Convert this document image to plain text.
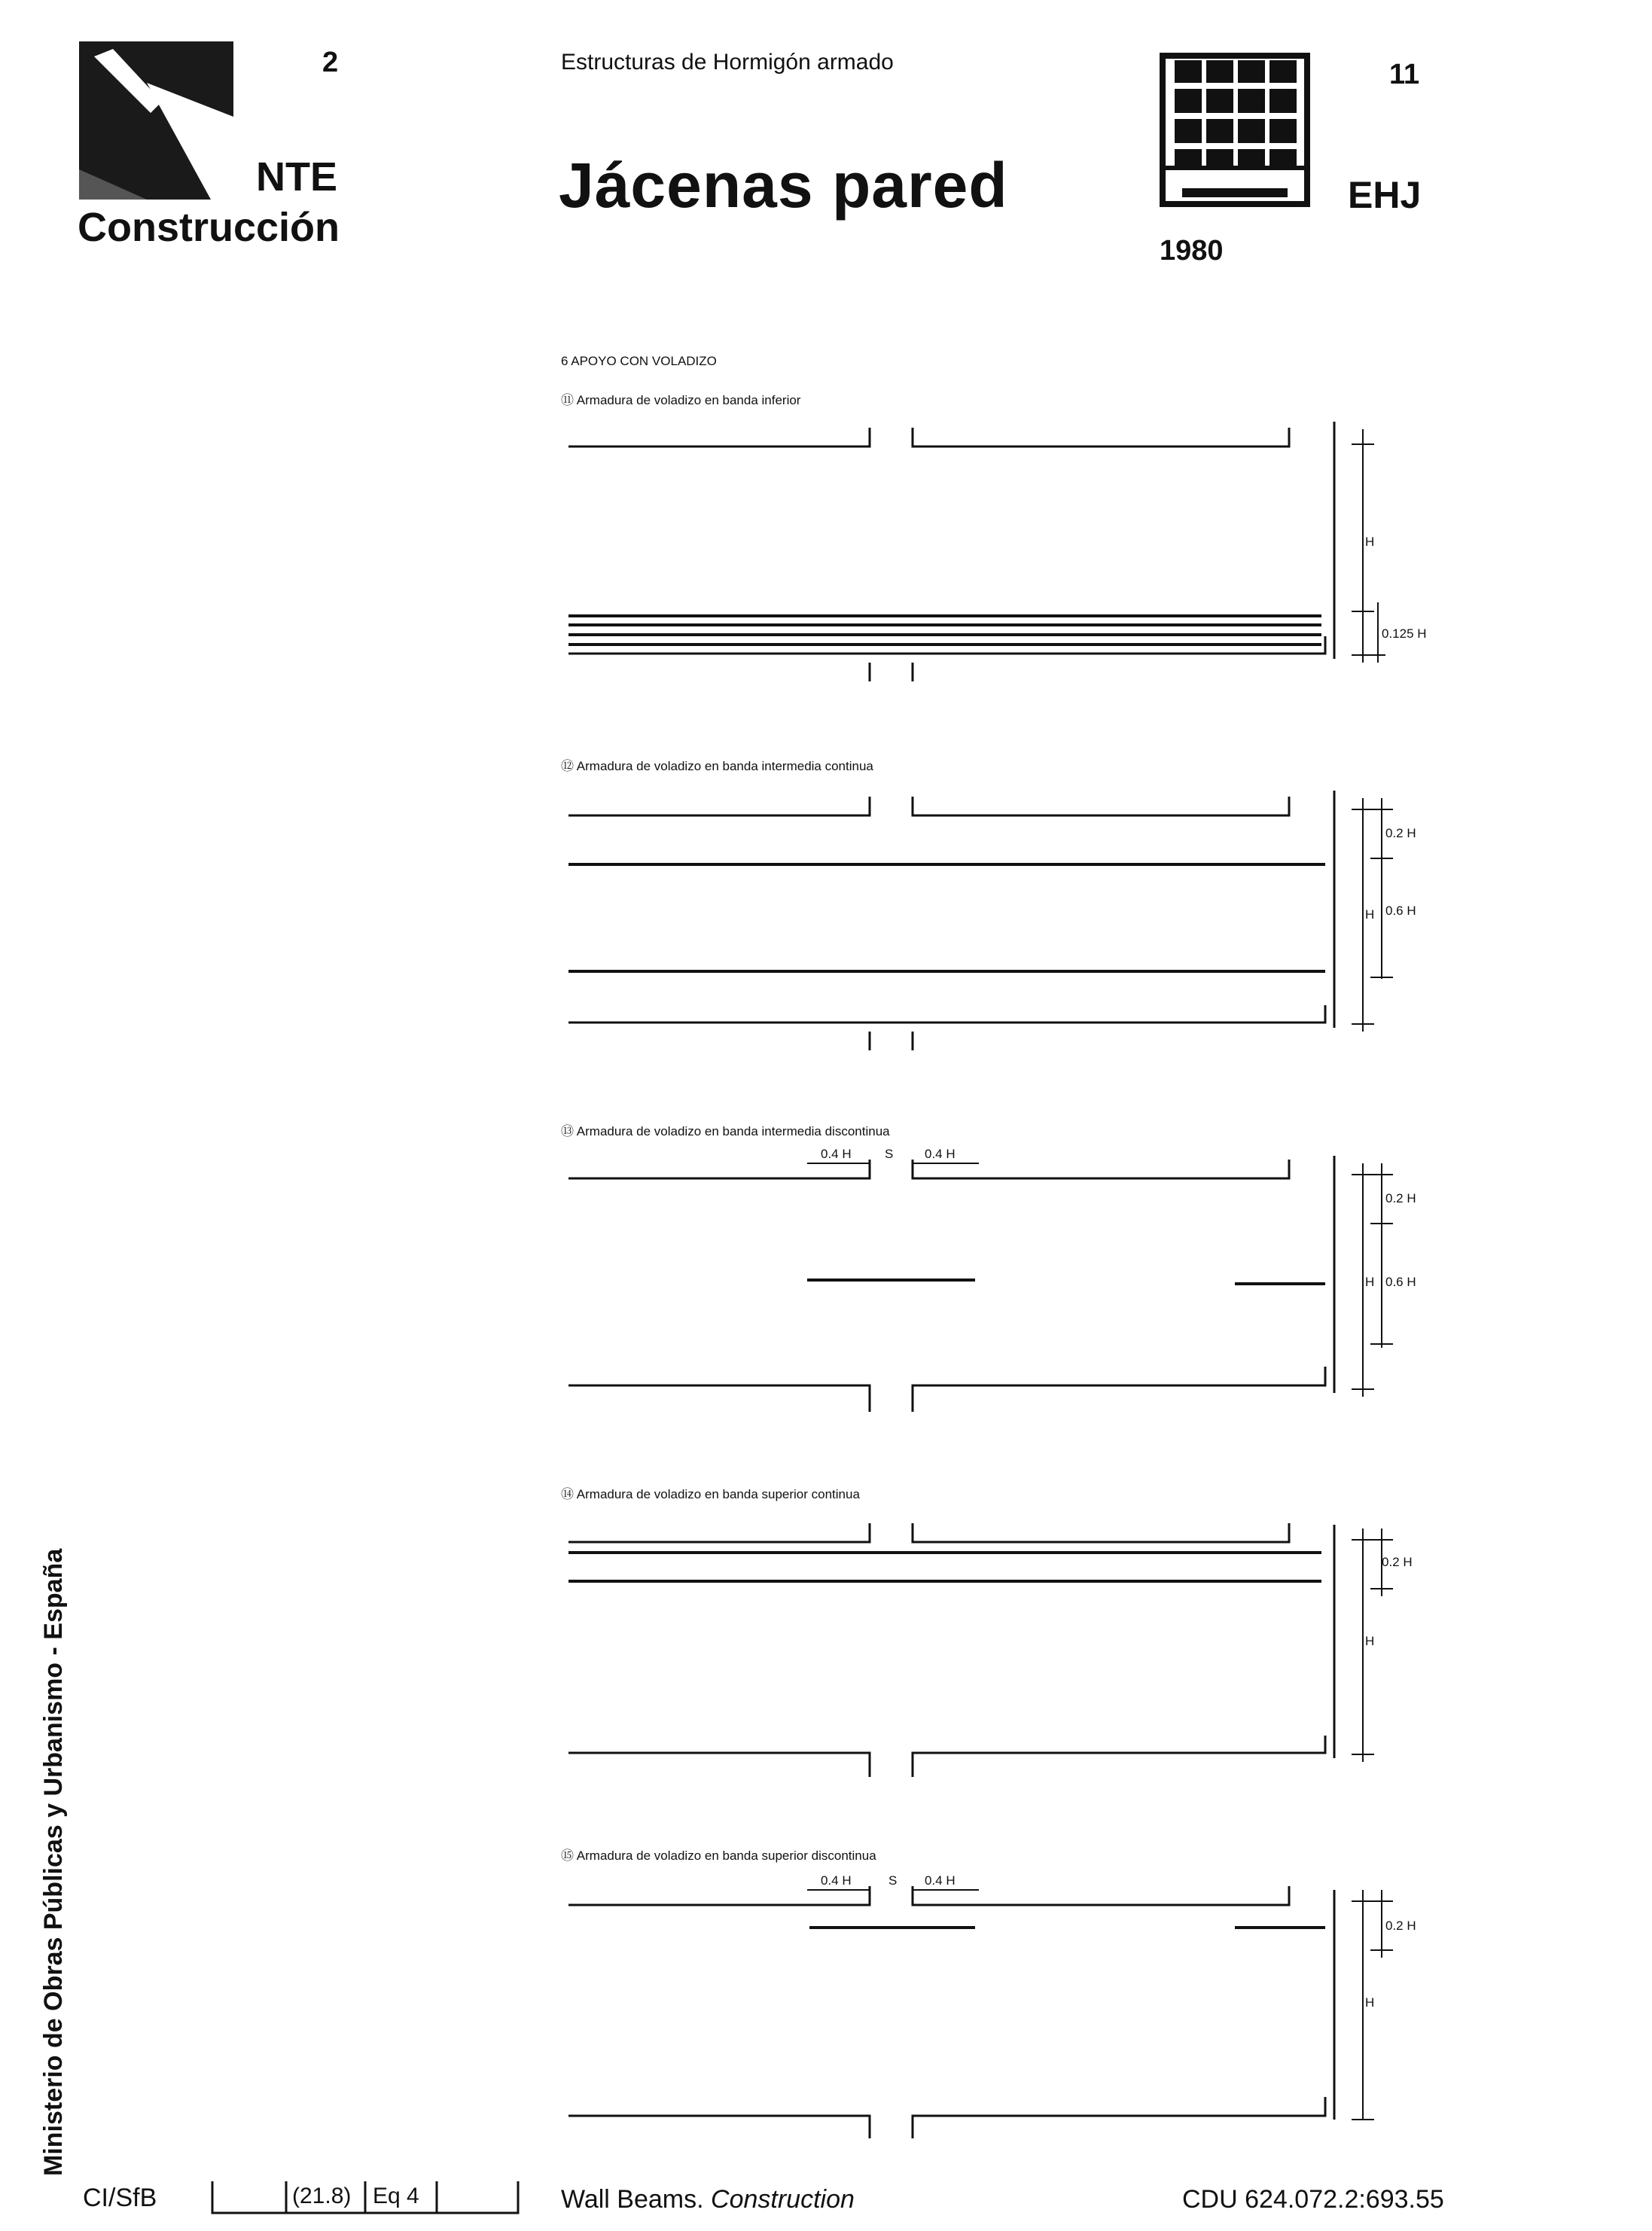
2
NTE
Construcción
Estructuras de Hormigón armado
Jácenas pared
11
EHJ
1980
Ministerio de Obras Públicas y Urbanismo - España
6 APOYO CON VOLADIZO
⑪ Armadura de voladizo en banda inferior
⑫ Armadura de voladizo en banda intermedia continua
⑬ Armadura de voladizo en banda intermedia discontinua
⑭ Armadura de voladizo en banda superior continua
⑮ Armadura de voladizo en banda superior discontinua
H
0.125 H
0.2 H
H 0.6 H
0.2 H
H 0.6 H
0.4 H	S 0.4 H
0.2 H
H
0.2 H
H
0.4 H	S 0.4 H
CI/SfB	(21.8) Eq 4	Wall Beams. Construction	CDU 624.072.2:693.55
